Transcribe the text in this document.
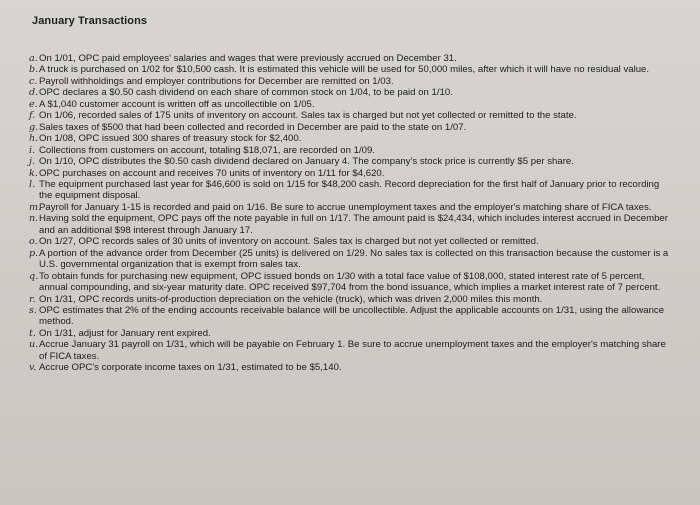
January Transactions
a. On 1/01, OPC paid employees' salaries and wages that were previously accrued on December 31.
b. A truck is purchased on 1/02 for $10,500 cash. It is estimated this vehicle will be used for 50,000 miles, after which it will have no residual value.
c. Payroll withholdings and employer contributions for December are remitted on 1/03.
d. OPC declares a $0.50 cash dividend on each share of common stock on 1/04, to be paid on 1/10.
e. A $1,040 customer account is written off as uncollectible on 1/05.
f. On 1/06, recorded sales of 175 units of inventory on account. Sales tax is charged but not yet collected or remitted to the state.
g. Sales taxes of $500 that had been collected and recorded in December are paid to the state on 1/07.
h. On 1/08, OPC issued 300 shares of treasury stock for $2,400.
i. Collections from customers on account, totaling $18,071, are recorded on 1/09.
j. On 1/10, OPC distributes the $0.50 cash dividend declared on January 4. The company's stock price is currently $5 per share.
k. OPC purchases on account and receives 70 units of inventory on 1/11 for $4,620.
l. The equipment purchased last year for $46,600 is sold on 1/15 for $48,200 cash. Record depreciation for the first half of January prior to recording the equipment disposal.
m.
Payroll for January 1-15 is recorded and paid on 1/16. Be sure to accrue unemployment taxes and the employer's matching share of FICA taxes.
n. Having sold the equipment, OPC pays off the note payable in full on 1/17. The amount paid is $24,434, which includes interest accrued in December and an additional $98 interest through January 17.
o. On 1/27, OPC records sales of 30 units of inventory on account. Sales tax is charged but not yet collected or remitted.
p. A portion of the advance order from December (25 units) is delivered on 1/29. No sales tax is collected on this transaction because the customer is a U.S. governmental organization that is exempt from sales tax.
q. To obtain funds for purchasing new equipment, OPC issued bonds on 1/30 with a total face value of $108,000, stated interest rate of 5 percent, annual compounding, and six-year maturity date. OPC received $97,704 from the bond issuance, which implies a market interest rate of 7 percent.
r. On 1/31, OPC records units-of-production depreciation on the vehicle (truck), which was driven 2,000 miles this month.
s. OPC estimates that 2% of the ending accounts receivable balance will be uncollectible. Adjust the applicable accounts on 1/31, using the allowance method.
t. On 1/31, adjust for January rent expired.
u. Accrue January 31 payroll on 1/31, which will be payable on February 1. Be sure to accrue unemployment taxes and the employer's matching share of FICA taxes.
v. Accrue OPC's corporate income taxes on 1/31, estimated to be $5,140.
